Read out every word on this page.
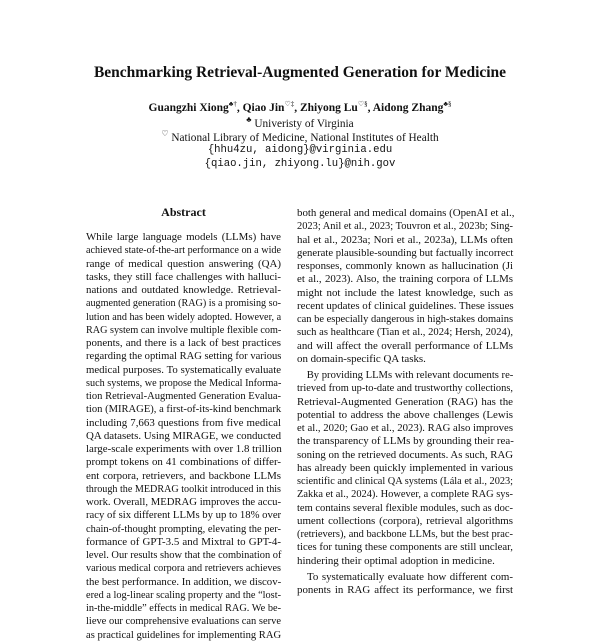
Benchmarking Retrieval-Augmented Generation for Medicine
Guangzhi Xiong♣†, Qiao Jin♡‡, Zhiyong Lu♡§, Aidong Zhang♣§
♣ Univeristy of Virginia
♡ National Library of Medicine, National Institutes of Health
{hhu4zu, aidong}@virginia.edu
{qiao.jin, zhiyong.lu}@nih.gov
Abstract
While large language models (LLMs) have
achieved state-of-the-art performance on a wide
range of medical question answering (QA)
tasks, they still face challenges with halluci-
nations and outdated knowledge. Retrieval-
augmented generation (RAG) is a promising so-
lution and has been widely adopted. However, a
RAG system can involve multiple flexible com-
ponents, and there is a lack of best practices
regarding the optimal RAG setting for various
medical purposes. To systematically evaluate
such systems, we propose the Medical Informa-
tion Retrieval-Augmented Generation Evalua-
tion (MIRAGE), a first-of-its-kind benchmark
including 7,663 questions from five medical
QA datasets. Using MIRAGE, we conducted
large-scale experiments with over 1.8 trillion
prompt tokens on 41 combinations of differ-
ent corpora, retrievers, and backbone LLMs
through the MEDRAG toolkit introduced in this
work. Overall, MEDRAG improves the accu-
racy of six different LLMs by up to 18% over
chain-of-thought prompting, elevating the per-
formance of GPT-3.5 and Mixtral to GPT-4-
level. Our results show that the combination of
various medical corpora and retrievers achieves
the best performance. In addition, we discov-
ered a log-linear scaling property and the “lost-
in-the-middle” effects in medical RAG. We be-
lieve our comprehensive evaluations can serve
as practical guidelines for implementing RAG
both general and medical domains (OpenAI et al.,
2023; Anil et al., 2023; Touvron et al., 2023b; Sing-
hal et al., 2023a; Nori et al., 2023a), LLMs often
generate plausible-sounding but factually incorrect
responses, commonly known as hallucination (Ji
et al., 2023). Also, the training corpora of LLMs
might not include the latest knowledge, such as
recent updates of clinical guidelines. These issues
can be especially dangerous in high-stakes domains
such as healthcare (Tian et al., 2024; Hersh, 2024),
and will affect the overall performance of LLMs
on domain-specific QA tasks.
By providing LLMs with relevant documents re-
trieved from up-to-date and trustworthy collections,
Retrieval-Augmented Generation (RAG) has the
potential to address the above challenges (Lewis
et al., 2020; Gao et al., 2023). RAG also improves
the transparency of LLMs by grounding their rea-
soning on the retrieved documents. As such, RAG
has already been quickly implemented in various
scientific and clinical QA systems (Lála et al., 2023;
Zakka et al., 2024). However, a complete RAG sys-
tem contains several flexible modules, such as doc-
ument collections (corpora), retrieval algorithms
(retrievers), and backbone LLMs, but the best prac-
tices for tuning these components are still unclear,
hindering their optimal adoption in medicine.
To systematically evaluate how different com-
ponents in RAG affect its performance, we first
